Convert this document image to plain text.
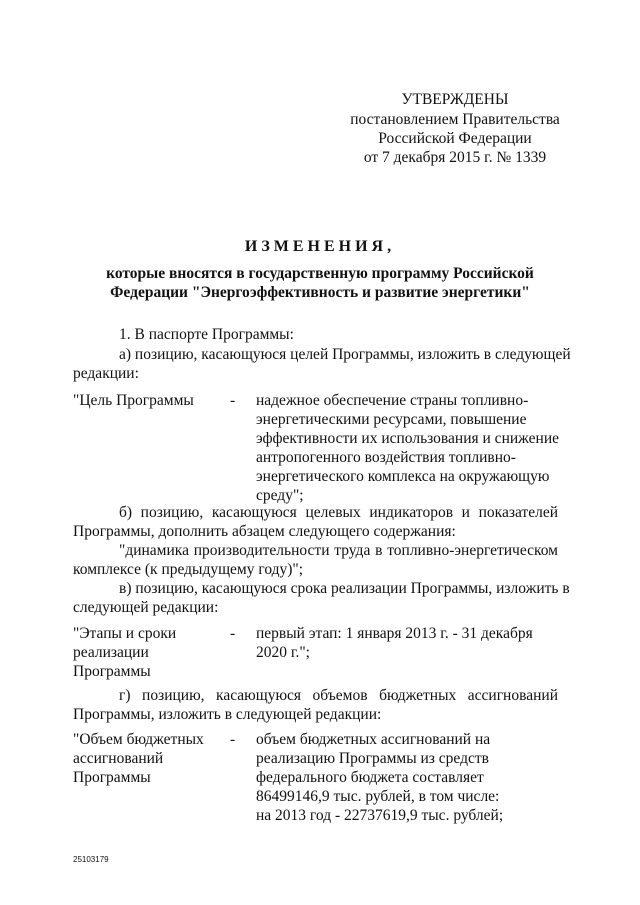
УТВЕРЖДЕНЫ
постановлением Правительства
Российской Федерации
от 7 декабря 2015 г. № 1339
ИЗМЕНЕНИЯ,
которые вносятся в государственную программу Российской
Федерации "Энергоэффективность и развитие энергетики"
1. В паспорте Программы:
а) позицию, касающуюся целей Программы, изложить в следующей
редакции:
"Цель Программы - надежное обеспечение страны топливно-
энергетическими ресурсами, повышение
эффективности их использования и снижение
антропогенного воздействия топливно-
энергетического комплекса на окружающую
среду";
б) позицию, касающуюся целевых индикаторов и показателей
Программы, дополнить абзацем следующего содержания:
"динамика производительности труда в топливно-энергетическом
комплексе (к предыдущему году)";
в) позицию, касающуюся срока реализации Программы, изложить в
следующей редакции:
"Этапы и сроки
реализации
Программы
- первый этап: 1 января 2013 г. - 31 декабря
2020 г.";
г) позицию, касающуюся объемов бюджетных ассигнований
Программы, изложить в следующей редакции:
"Объем бюджетных
ассигнований
Программы
- объем бюджетных ассигнований на
реализацию Программы из средств
федерального бюджета составляет
86499146,9 тыс. рублей, в том числе:
на 2013 год - 22737619,9 тыс. рублей;
25103179
